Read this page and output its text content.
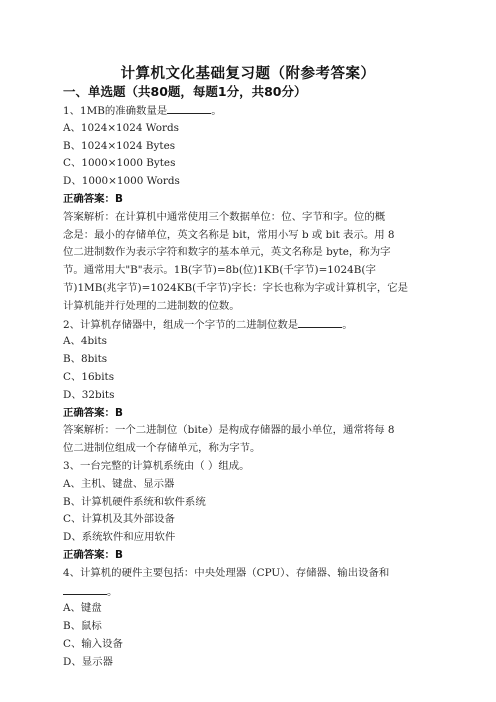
计算机文化基础复习题（附参考答案）
一、单选题（共80题，每题1分，共80分）
1、1MB的准确数量是	。
A、1024×1024 Words
B、1024×1024 Bytes
C、1000×1000 Bytes
D、1000×1000 Words
正确答案：B
答案解析：在计算机中通常使用三个数据单位：位、字节和字。位的概
念是：最小的存储单位，英文名称是 bit，常用小写 b 或 bit 表示。用 8
位二进制数作为表示字符和数字的基本单元，英文名称是 byte，称为字
节。通常用大"B"表示。1B(字节)=8b(位)1KB(千字节)=1024B(字
节)1MB(兆字节)=1024KB(千字节)字长：字长也称为字或计算机字，它是
计算机能并行处理的二进制数的位数。
2、计算机存储器中，组成一个字节的二进制位数是	。
A、4bits
B、8bits
C、16bits
D、32bits
正确答案：B
答案解析：一个二进制位（bite）是构成存储器的最小单位，通常将每 8
位二进制位组成一个存储单元，称为字节。
3、一台完整的计算机系统由（ ）组成。
A、主机、键盘、显示器
B、计算机硬件系统和软件系统
C、计算机及其外部设备
D、系统软件和应用软件
正确答案：B
4、计算机的硬件主要包括：中央处理器（CPU）、存储器、输出设备和
。
A、键盘
B、鼠标
C、输入设备
D、显示器
